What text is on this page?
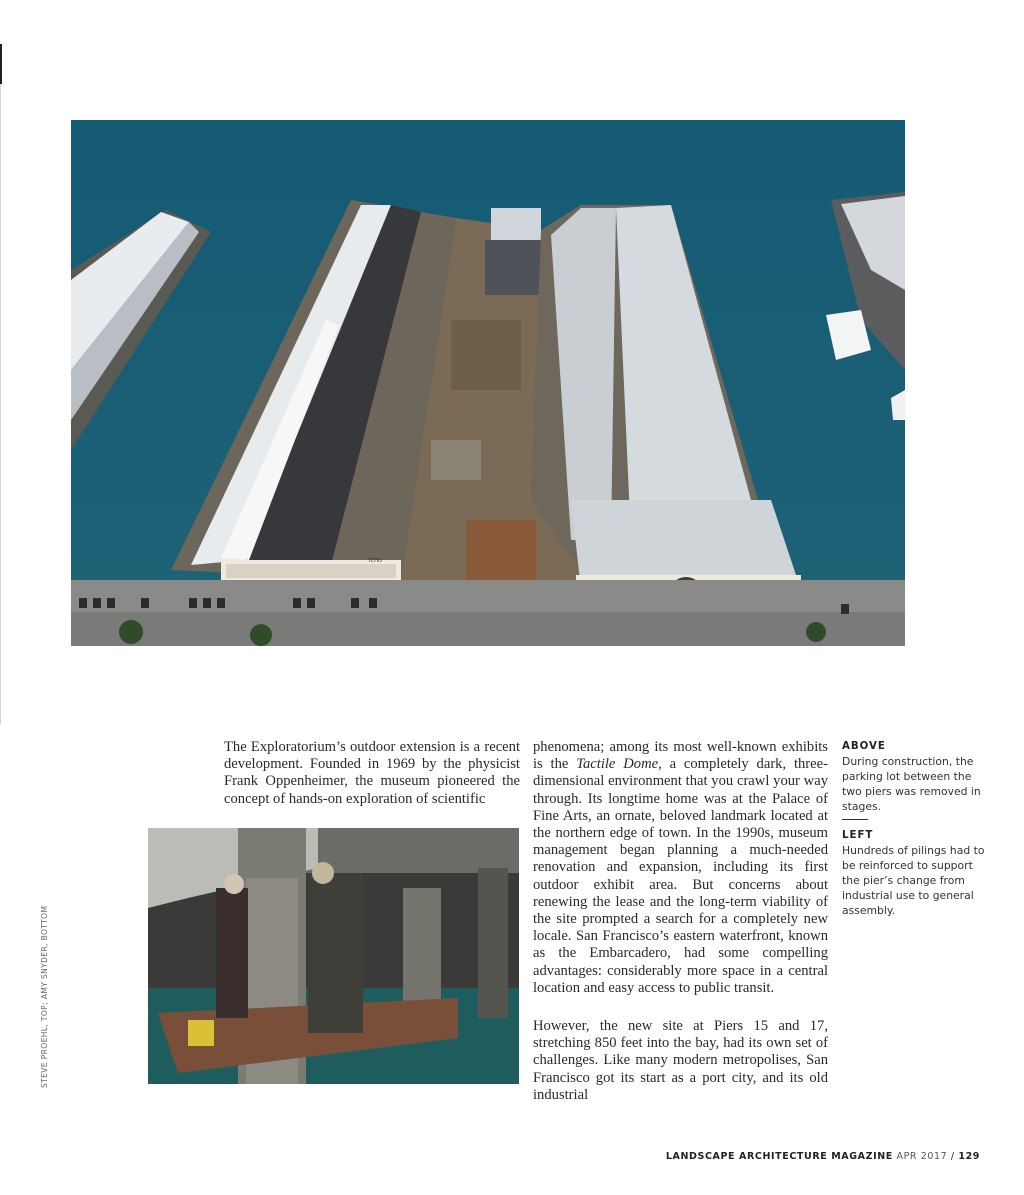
TECH
TCHO

The Exploratorium’s outdoor extension is a recent development. Founded in 1969 by the physicist Frank Oppenheimer, the museum pioneered the concept of hands-on exploration of scientific

phenomena; among its most well-known exhibits is the Tactile Dome, a completely dark, three-dimensional environment that you crawl your way through. Its longtime home was at the Palace of Fine Arts, an ornate, beloved landmark located at the northern edge of town. In the 1990s, museum management began planning a much-needed renovation and expansion, including its first outdoor exhibit area. But concerns about renewing the lease and the long-term viability of the site prompted a search for a completely new locale. San Francisco’s eastern waterfront, known as the Embarcadero, had some compelling advantages: considerably more space in a central location and easy access to public transit.

However, the new site at Piers 15 and 17, stretching 850 feet into the bay, had its own set of challenges. Like many modern metropolises, San Francisco got its start as a port city, and its old industrial

ABOVE
During construction, the parking lot between the two piers was removed in stages.
LEFT
Hundreds of pilings had to be reinforced to support the pier’s change from industrial use to general assembly.
STEVE PROEHL, TOP; AMY SNYDER, BOTTOM
LANDSCAPE ARCHITECTURE MAGAZINE APR 2017 / 129
